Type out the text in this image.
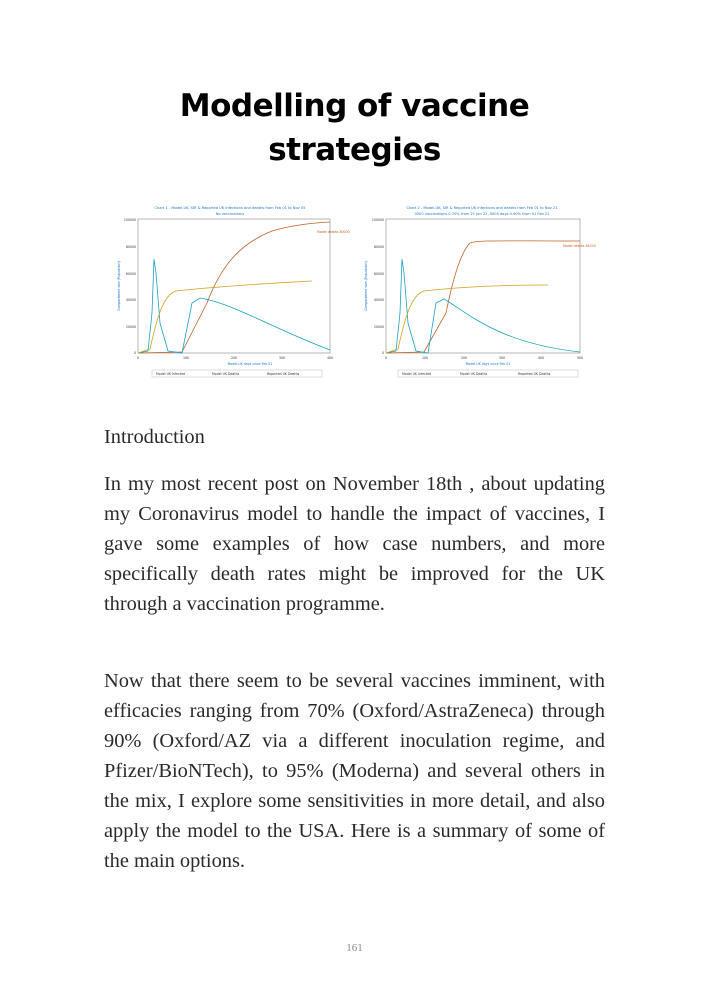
Modelling of vaccine strategies
Chart 1 - Model-UK, SIR & Reported UK Infections and deaths from Feb 01 to Nov 05
No vaccinations
100000
80000
60000
40000
20000
0
Compartment size (Population)
0	100	200	300	400
Model-UK days since Feb 01
Model deaths 80000
Model UK Infected	Model UK Deaths	Reported UK Deaths
Chart 2 - Model-UK, SIR & Reported UK Infections and deaths from Feb 01 to Nov 21
0000 vaccinations 0.70% from 21 Jan 21, 0000 days 0.90% from 01 Feb 21
100000
80000
60000
40000
20000
0
Compartment size (Population)
0	100	200	300	400	500
Model-UK days since Feb 01
Model deaths 64100
Model UK Infected	Model UK Deaths	Reported UK Deaths

Introduction

In my most recent post on November 18th , about updating my Coronavirus model to handle the impact of vaccines, I gave some examples of how case numbers, and more specifically death rates might be improved for the UK through a vaccination programme.

Now that there seem to be several vaccines imminent, with efficacies ranging from 70% (Oxford/AstraZeneca) through 90% (Oxford/AZ via a different inoculation regime, and Pfizer/BioNTech), to 95% (Moderna) and several others in the mix, I explore some sensitivities in more detail, and also apply the model to the USA. Here is a summary of some of the main options.

161
